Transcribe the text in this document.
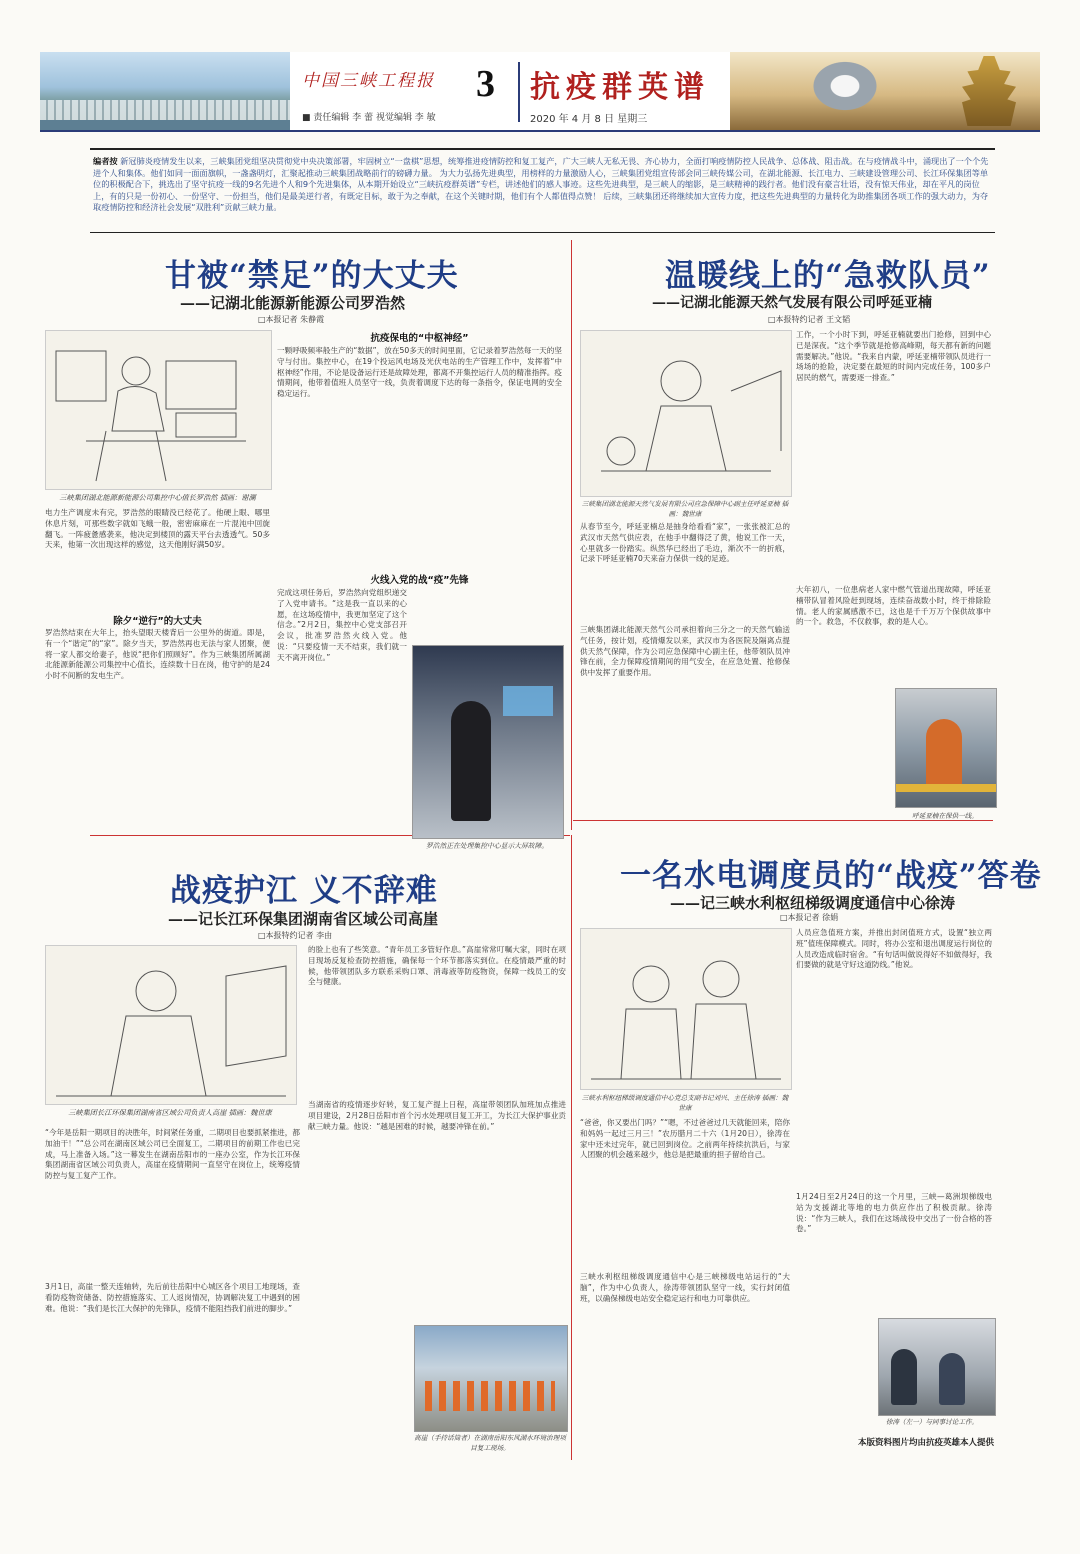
中国三峡工程报 3 抗疫群英谱
■ 责任编辑 李 蕾 视觉编辑 李 敏	2020 年 4 月 8 日 星期三
编者按 新冠肺炎疫情发生以来，三峡集团党组坚决贯彻党中央决策部署，牢固树立“一盘棋”思想，统筹推进疫情防控和复工复产，广大三峡人无私无畏、齐心协力，全面打响疫情防控人民战争、总体战、阻击战。在与疫情战斗中，涌现出了一个个先进个人和集体。他们如同一面面旗帜，一盏盏明灯，汇聚起推动三峡集团战略前行的磅礴力量。 为大力弘扬先进典型，用榜样的力量激励人心，三峡集团党组宣传部会同三峡传媒公司，在湖北能源、长江电力、三峡建设管理公司、长江环保集团等单位的积极配合下，挑选出了坚守抗疫一线的9名先进个人和9个先进集体，从本期开始设立“三峡抗疫群英谱”专栏，讲述他们的感人事迹。这些先进典型，是三峡人的缩影，是三峡精神的践行者。他们没有豪言壮语，没有惊天伟业，却在平凡的岗位上，有的只是一份初心、一份坚守、一份担当，他们是最美逆行者，有既定目标，敢于为之奉献，在这个关键时期，他们有个人都值得点赞！ 后续，三峡集团还将继续加大宣传力度，把这些先进典型的力量转化为助推集团各项工作的强大动力，为夺取疫情防控和经济社会发展“双胜利”贡献三峡力量。
甘被“禁足”的大丈夫
——记湖北能源新能源公司罗浩然
□本报记者 朱静霞
三峡集团湖北能源新能源公司集控中心值长罗浩然 插画：谢澜
电力生产调度未有完，罗浩然的眼睛没已经花了。他硬上眼、哪里休息片刻，可那些数字就如飞蛾一般，密密麻麻在一片混沌中回旋翻飞。一阵疲惫感袭来，他决定到楼顶的露天平台去透透气。50多天来，他第一次出现这样的感觉，这天他刚好满50岁。
除夕“逆行”的大丈夫
罗浩然结束在大年上，抬头望眼天楼背后一公里外的街道。即是，有一个“谐定”的“家”。除夕当天，罗浩然再也无法与家人团聚，便将一家人都交给妻子，他说“把你们照顾好”。作为三峡集团所属湖北能源新能源公司集控中心值长，连续数十日在岗，他守护的是24小时不间断的发电生产。
抗疫保电的“中枢神经”
一颗呼吸频率般生产的“数据”，放在50多天的时间里面，它记录着罗浩然每一天的坚守与付出。集控中心，在19个投运风电场及光伏电站的生产管理工作中，发挥着“中枢神经”作用，不论是设备运行还是故障处理，都离不开集控运行人员的精准指挥。疫情期间，他带着值班人员坚守一线，负责着调度下达的每一条指令，保证电网的安全稳定运行。
火线入党的战“疫”先锋
完成这项任务后，罗浩然向党组织递交了入党申请书。“这是我一直以来的心愿，在这场疫情中，我更加坚定了这个信念。”2月2日，集控中心党支部召开会议，批准罗浩然火线入党。他说：“只要疫情一天不结束，我们就一天不离开岗位。”
罗浩然正在处理集控中心显示大屏故障。
温暖线上的“急救队员”
——记湖北能源天然气发展有限公司呼延亚楠
□本报特约记者 王文韬
三峡集团湖北能源天然气发展有限公司应急保障中心副主任呼延亚楠 插画：魏世康
从春节至今，呼延亚楠总是抽身给看看“家”，一张张被汇总的武汉市天然气供应表，在他手中翻得泛了黄，他说工作一天，心里就多一份踏实。纵然华已经出了毛边，渐次不一的折痕，记录下呼延亚楠70天来奋力保供一线的足迹。
三峡集团湖北能源天然气公司承担着向三分之一的天然气输送气任务，按计划，疫情爆发以来，武汉市为各医院及隔离点提供天然气保障，作为公司应急保障中心副主任，他带领队员冲锋在前，全力保障疫情期间的用气安全，在应急处置、抢修保供中发挥了重要作用。
工作，一个小时下到，呼延亚楠就要出门抢修，回到中心已是深夜。“这个季节就是抢修高峰期，每天都有新的问题需要解决。”他说。“我来自内蒙，呼延亚楠带领队员进行一场场的抢险，决定要在最短的时间内完成任务，100多户居民的燃气，需要逐一排查。”
大年初八，一位患病老人家中燃气管道出现故障，呼延亚楠带队冒着风险赶到现场，连续奋战数小时，终于排除险情。老人的家属感激不已，这也是千千万万个保供故事中的一个。救急，不仅救事，救的是人心。
呼延亚楠在保供一线。
战疫护江 义不辞难
——记长江环保集团湖南省区域公司高崖
□本报特约记者 李由
三峡集团长江环保集团湖南省区域公司负责人高崖 插画：魏世康
“今年是岳阳一期项目的决胜年，时间紧任务重，二期项目也要抓紧推进，都加油干！”“总公司在湖南区域公司已全面复工，二期项目的前期工作也已完成，马上准备入场。”这一幕发生在湖南岳阳市的一座办公室，作为长江环保集团湖南省区域公司负责人，高崖在疫情期间一直坚守在岗位上，统筹疫情防控与复工复产工作。
3月1日，高崖一整天连轴转，先后前往岳阳中心城区各个项目工地现场，查看防疫物资储备、防控措施落实、工人返岗情况，协调解决复工中遇到的困难。他说：“我们是长江大保护的先锋队，疫情不能阻挡我们前进的脚步。”
的脸上也有了些笑意。“青年员工多管好作息。”高崖常常叮嘱大家，同时在项目现场反复检查防控措施，确保每一个环节都落实到位。在疫情最严重的时候，他带领团队多方联系采购口罩、消毒液等防疫物资，保障一线员工的安全与健康。
当湖南省的疫情逐步好转，复工复产提上日程，高崖带领团队加班加点推进项目建设，2月28日岳阳市首个污水处理项目复工开工，为长江大保护事业贡献三峡力量。他说：“越是困难的时候，越要冲锋在前。”
高崖（手持话筒者）在湖南岳阳东风湖水环境治理项目复工现场。
一名水电调度员的“战疫”答卷
——记三峡水利枢纽梯级调度通信中心徐涛
□本报记者 徐娟
三峡水利枢纽梯级调度通信中心党总支副书记刘兴、主任徐涛 插画：魏世康
“爸爸，你又要出门吗？”“嗯，不过爸爸过几天就能回来，陪你和妈妈一起过三月三！”农历腊月二十六（1月20日），徐涛在家中还未过完年，就已回到岗位。之前两年持续抗洪后，与家人团聚的机会越来越少，他总是把最重的担子留给自己。
三峡水利枢纽梯级调度通信中心是三峡梯级电站运行的“大脑”，作为中心负责人，徐涛带领团队坚守一线，实行封闭值班，以确保梯级电站安全稳定运行和电力可靠供应。
人员应急值班方案，并推出封闭值班方式，设置“独立两班”值班保障模式。同时，将办公室和退出调度运行岗位的人员改造成临时宿舍。“有句话叫做说得好不如做得好，我们要做的就是守好这道防线。”他说。
1月24日至2月24日的这一个月里，三峡—葛洲坝梯级电站为支援湖北等地的电力供应作出了积极贡献。徐涛说：“作为三峡人，我们在这场战役中交出了一份合格的答卷。”
徐涛（左一）与同事讨论工作。
本版资料图片均由抗疫英雄本人提供
